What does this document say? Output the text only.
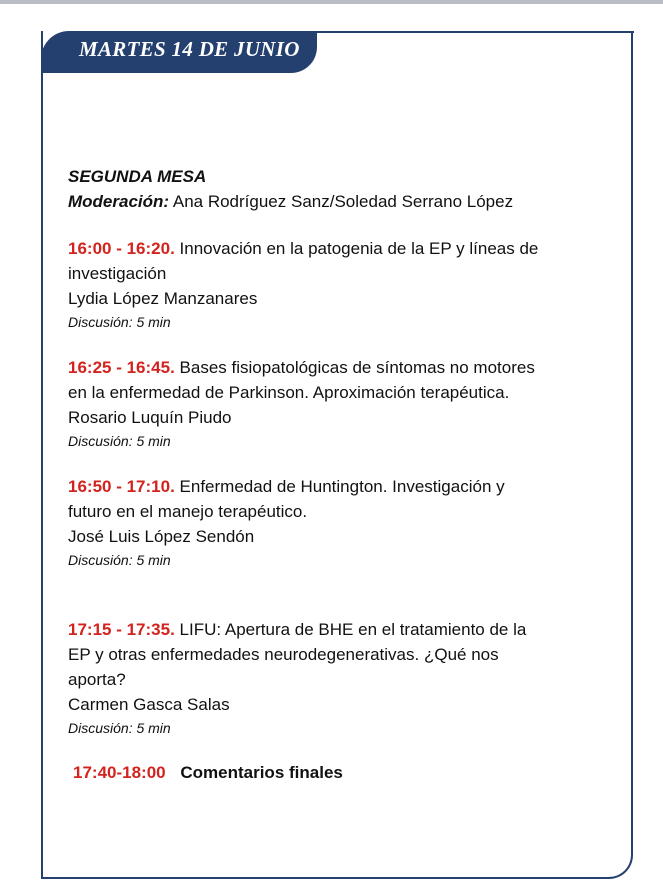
MARTES 14 DE JUNIO
SEGUNDA MESA
Moderación: Ana Rodríguez Sanz/Soledad Serrano López
16:00 - 16:20. Innovación en la patogenia de la EP y líneas de
investigación
Lydia López Manzanares
Discusión: 5 min
16:25 - 16:45. Bases fisiopatológicas de síntomas no motores
en la enfermedad de Parkinson. Aproximación terapéutica.
Rosario Luquín Piudo
Discusión: 5 min
16:50 - 17:10. Enfermedad de Huntington. Investigación y
futuro en el manejo terapéutico.
José Luis López Sendón
Discusión: 5 min
17:15 - 17:35. LIFU: Apertura de BHE en el tratamiento de la
EP y otras enfermedades neurodegenerativas. ¿Qué nos
aporta?
Carmen Gasca Salas
Discusión: 5 min
17:40-18:00 Comentarios finales
